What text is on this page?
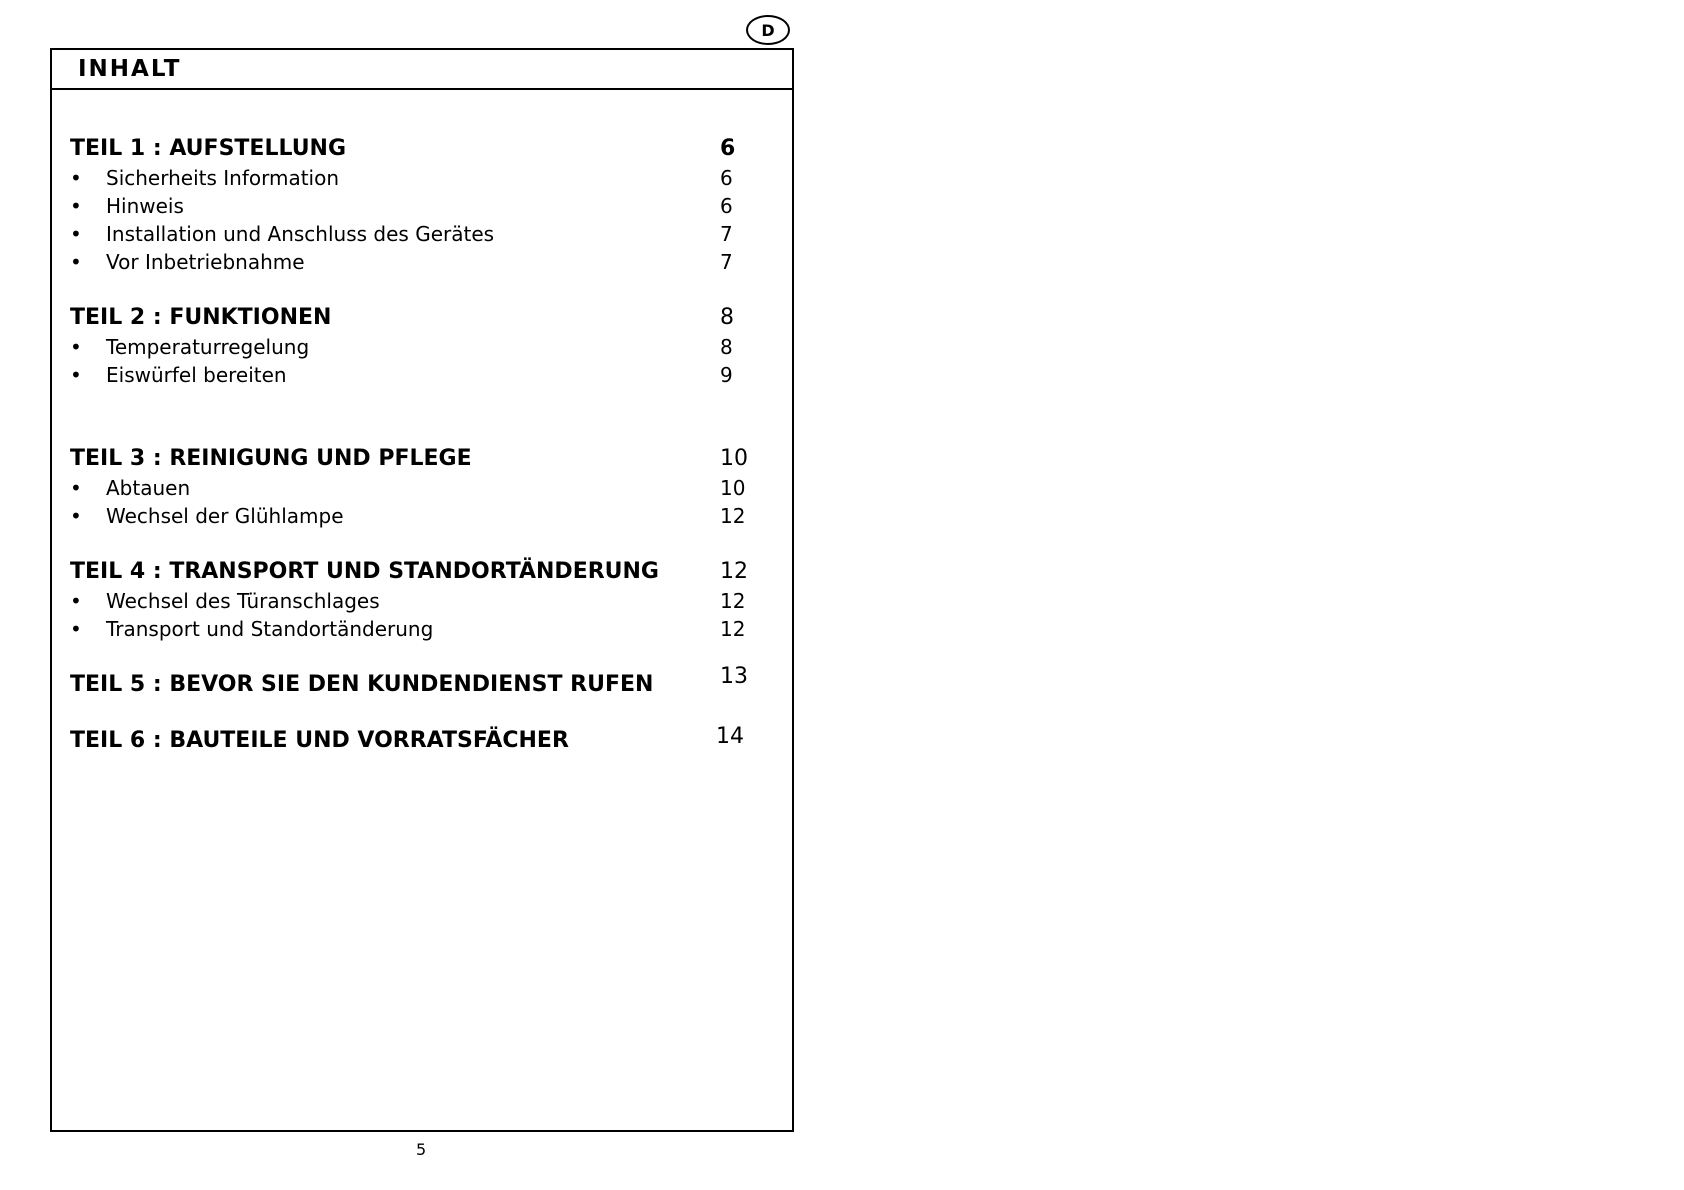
D
INHALT
TEIL 1 : AUFSTELLUNG	6
• Sicherheits Information	6
• Hinweis	6
• Installation und Anschluss des Gerätes	7
• Vor Inbetriebnahme	7
TEIL 2 : FUNKTIONEN	8
• Temperaturregelung	8
• Eiswürfel bereiten	9
TEIL 3 : REINIGUNG UND PFLEGE	10
• Abtauen	10
• Wechsel der Glühlampe	12
TEIL 4 : TRANSPORT UND STANDORTÄNDERUNG	12
• Wechsel des Türanschlages	12
• Transport und Standortänderung	12
TEIL 5 : BEVOR SIE DEN KUNDENDIENST RUFEN	13
TEIL 6 : BAUTEILE UND VORRATSFÄCHER	14
5
